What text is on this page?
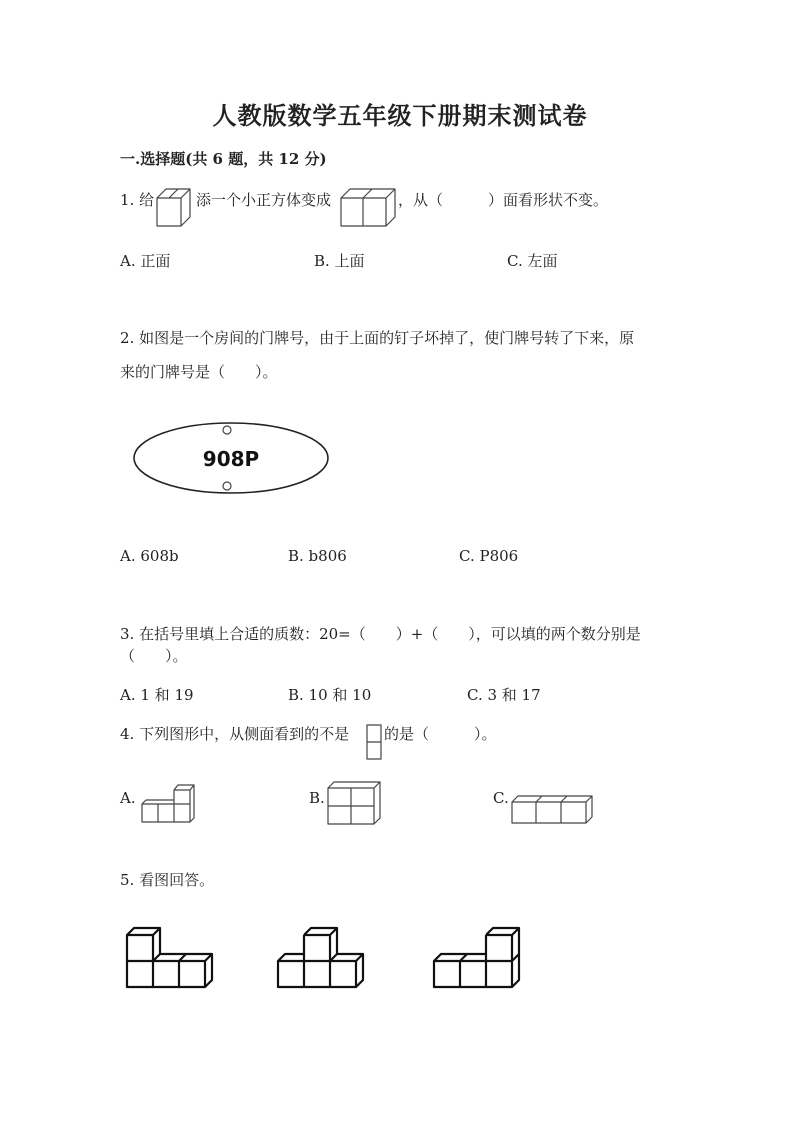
人教版数学五年级下册期末测试卷
一.选择题(共 6 题，共 12 分)
1. 给	添一个小正方体变成	，从（　　　）面看形状不变。
A. 正面	B. 上面	C. 左面
2. 如图是一个房间的门牌号，由于上面的钉子坏掉了，使门牌号转了下来，原
来的门牌号是（　　）。
908P
A. 608b	B. b806	C. P806
3. 在括号里填上合适的质数：20=（　　）+（　　），可以填的两个数分别是
（　　）。
A. 1 和 19	B. 10 和 10	C. 3 和 17
4. 下列图形中，从侧面看到的不是 的是（　　　）。
A.	B.	C.
5. 看图回答。
